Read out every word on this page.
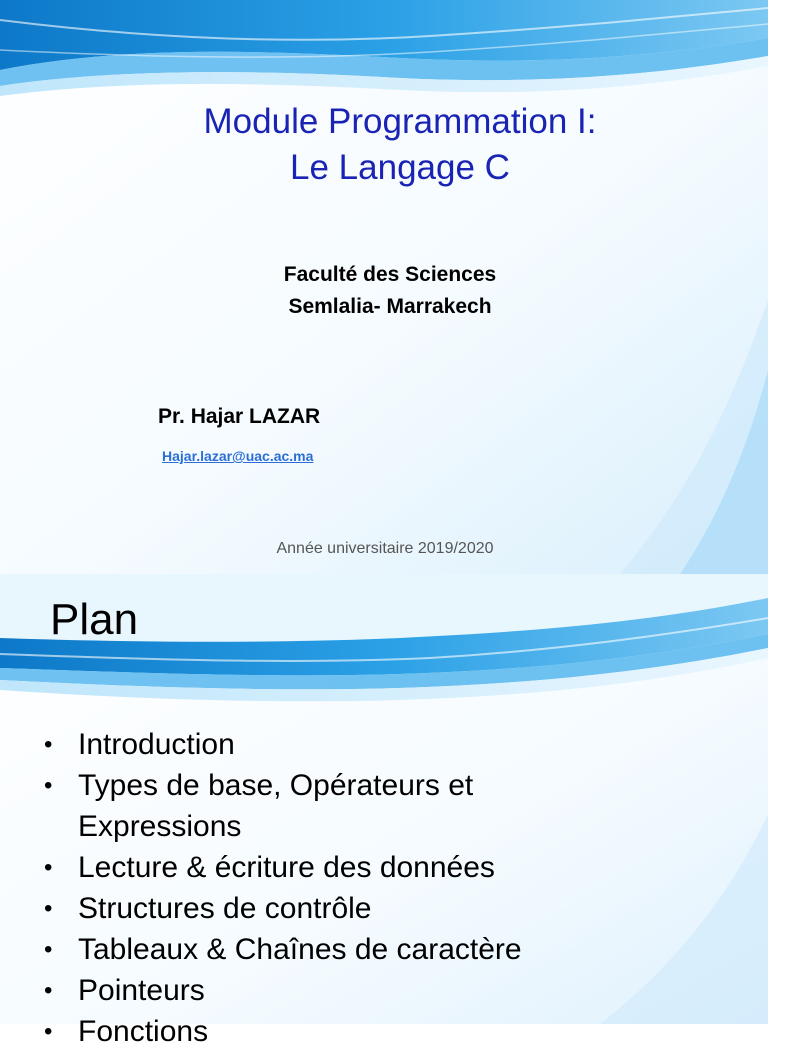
Module Programmation I:
Le Langage C
Faculté des Sciences
Semlalia- Marrakech
Pr. Hajar LAZAR
Hajar.lazar@uac.ac.ma
Année universitaire 2019/2020
Plan
• Introduction
• Types de base, Opérateurs et
Expressions
• Lecture & écriture des données
• Structures de contrôle
• Tableaux & Chaînes de caractère
• Pointeurs
• Fonctions
